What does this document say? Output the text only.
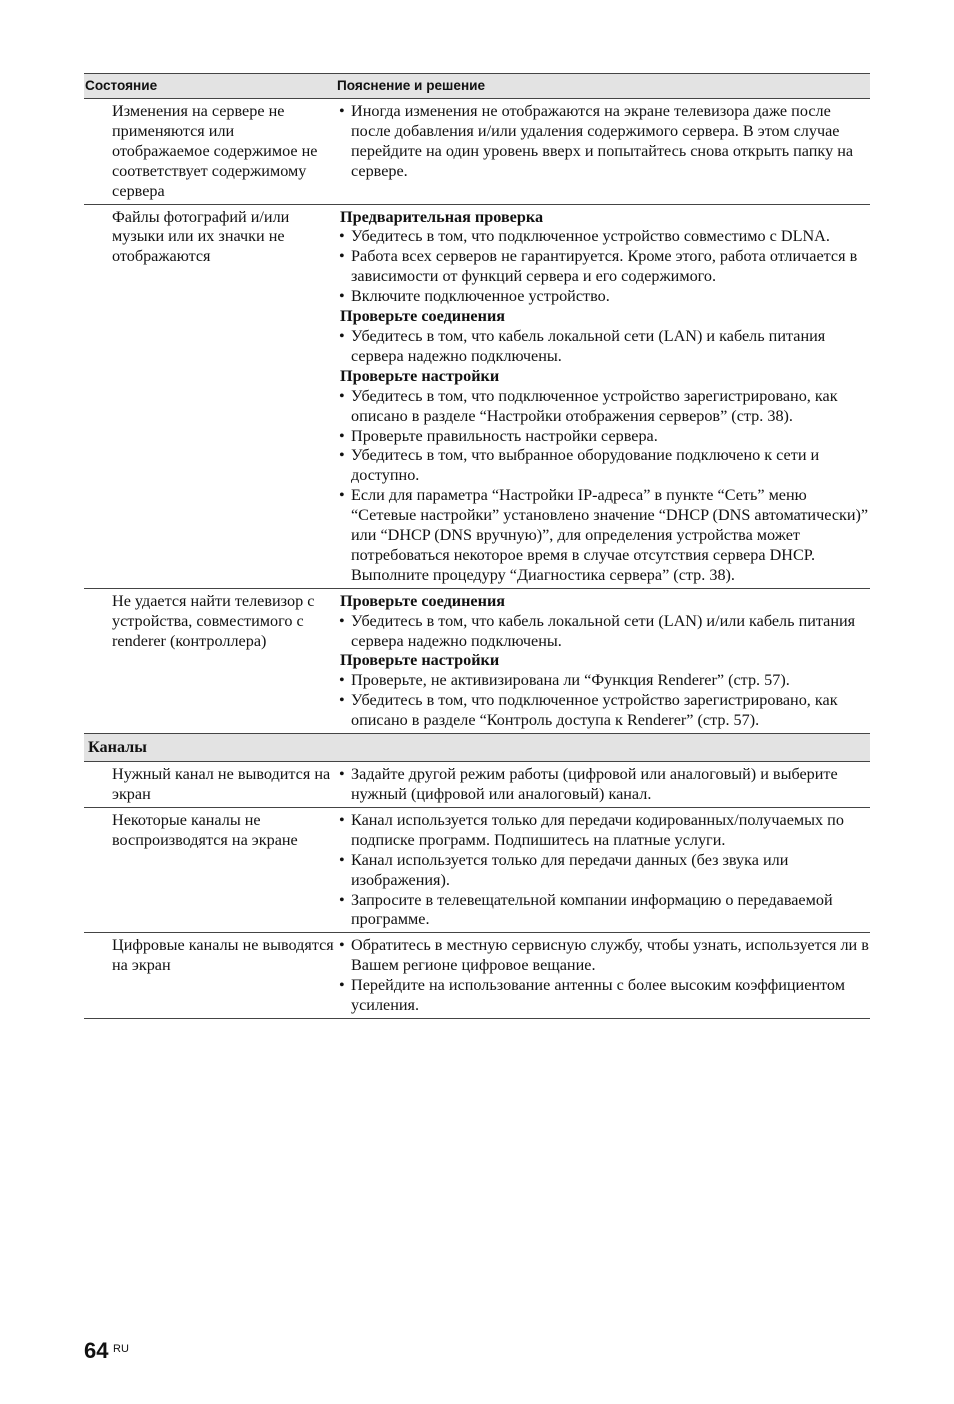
Состояние	Пояснение и решение
Изменения на сервере не применяются или отображаемое содержимое не соответствует содержимому сервера
• Иногда изменения не отображаются на экране телевизора даже после после добавления и/или удаления содержимого сервера. В этом случае перейдите на один уровень вверх и попытайтесь снова открыть папку на сервере.
Файлы фотографий и/или музыки или их значки не отображаются
Предварительная проверка
• Убедитесь в том, что подключенное устройство совместимо с DLNA.
• Работа всех серверов не гарантируется. Кроме этого, работа отличается в зависимости от функций сервера и его содержимого.
• Включите подключенное устройство.
Проверьте соединения
• Убедитесь в том, что кабель локальной сети (LAN) и кабель питания сервера надежно подключены.
Проверьте настройки
• Убедитесь в том, что подключенное устройство зарегистрировано, как описано в разделе “Настройки отображения серверов” (стр. 38).
• Проверьте правильность настройки сервера.
• Убедитесь в том, что выбранное оборудование подключено к сети и доступно.
• Если для параметра “Настройки IP-адреса” в пункте “Сеть” меню “Сетевые настройки” установлено значение “DHCP (DNS автоматически)” или “DHCP (DNS вручную)”, для определения устройства может потребоваться некоторое время в случае отсутствия сервера DHCP. Выполните процедуру “Диагностика сервера” (стр. 38).
Не удается найти телевизор с устройства, совместимого с renderer (контроллера)
Проверьте соединения
• Убедитесь в том, что кабель локальной сети (LAN) и/или кабель питания сервера надежно подключены.
Проверьте настройки
• Проверьте, не активизирована ли “Функция Renderer” (стр. 57).
• Убедитесь в том, что подключенное устройство зарегистрировано, как описано в разделе “Контроль доступа к Renderer” (стр. 57).
Каналы
Нужный канал не выводится на экран
• Задайте другой режим работы (цифровой или аналоговый) и выберите нужный (цифровой или аналоговый) канал.
Некоторые каналы не воспроизводятся на экране
• Канал используется только для передачи кодированных/получаемых по подписке программ. Подпишитесь на платные услуги.
• Канал используется только для передачи данных (без звука или изображения).
• Запросите в телевещательной компании информацию о передаваемой программе.
Цифровые каналы не выводятся на экран
• Обратитесь в местную сервисную службу, чтобы узнать, используется ли в Вашем регионе цифровое вещание.
• Перейдите на использование антенны с более высоким коэффициентом усиления.
64 RU
